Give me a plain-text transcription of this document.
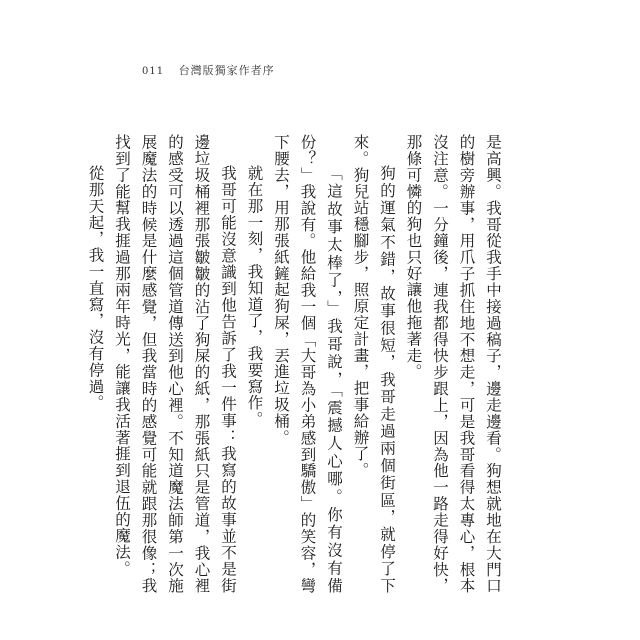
011 台灣版獨家作者序

是高興。我哥從我手中接過稿子，邊走邊看。狗想就地在大門口的樹旁辦事，用爪子抓住地不想走，可是我哥看得太專心，根本沒注意。一分鐘後，連我都得快步跟上，因為他一路走得好快，那條可憐的狗也只好讓他拖著走。

狗的運氣不錯，故事很短，我哥走過兩個街區，就停了下來。狗兒站穩腳步，照原定計畫，把事給辦了。

「這故事太棒了，」我哥說，「震撼人心哪。你有沒有備份？」我說有。他給我一個「大哥為小弟感到驕傲」的笑容，彎下腰去，用那張紙鏟起狗屎，丟進垃圾桶。

就在那一刻，我知道了，我要寫作。

我哥可能沒意識到他告訴了我一件事：我寫的故事並不是街邊垃圾桶裡那張皺皺的沾了狗屎的紙，那張紙只是管道，我心裡的感受可以透過這個管道傳送到他心裡。不知道魔法師第一次施展魔法的時候是什麼感覺，但我當時的感覺可能就跟那很像；我找到了能幫我捱過那兩年時光，能讓我活著捱到退伍的魔法。

從那天起，我一直寫，沒有停過。
